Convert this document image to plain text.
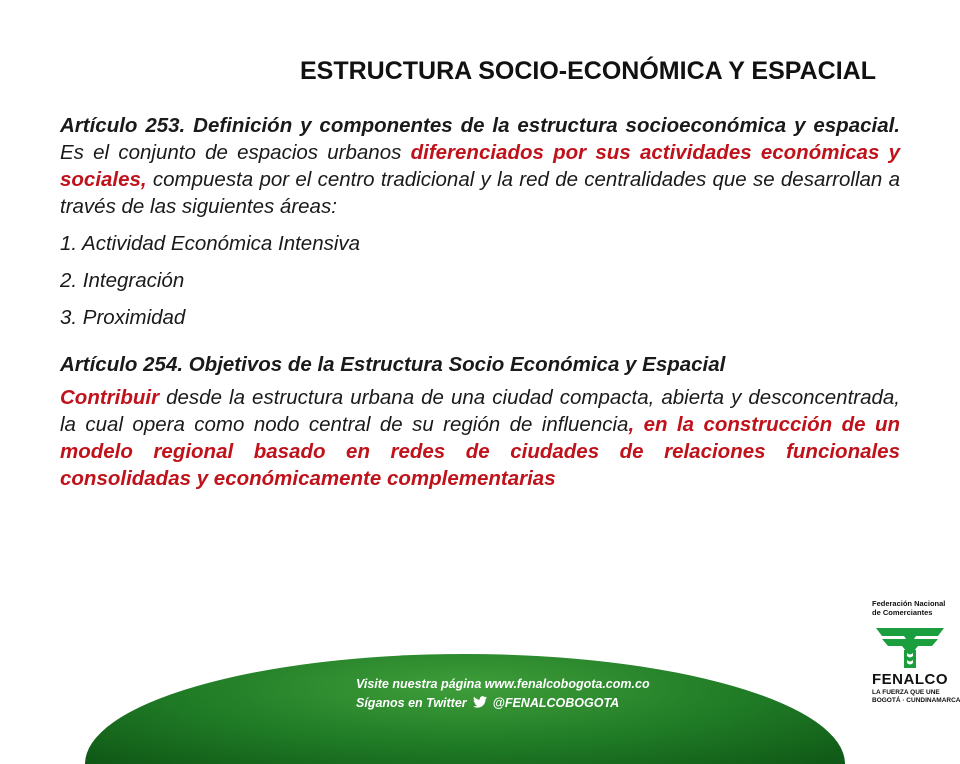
ESTRUCTURA SOCIO-ECONÓMICA Y ESPACIAL

Artículo 253. Definición y componentes de la estructura socioeconómica y espacial. Es el conjunto de espacios urbanos diferenciados por sus actividades económicas y sociales, compuesta por el centro tradicional y la red de centralidades que se desarrollan a través de las siguientes áreas:

1. Actividad Económica Intensiva
2. Integración
3. Proximidad

Artículo 254. Objetivos de la Estructura Socio Económica y Espacial

Contribuir desde la estructura urbana de una ciudad compacta, abierta y desconcentrada, la cual opera como nodo central de su región de influencia, en la construcción de un modelo regional basado en redes de ciudades de relaciones funcionales consolidadas y económicamente complementarias

Visite nuestra página www.fenalcobogota.com.co
Síganos en Twitter @FENALCOBOGOTA
Federación Nacional de Comerciantes
FENALCO
LA FUERZA QUE UNE
BOGOTÁ · CUNDINAMARCA
